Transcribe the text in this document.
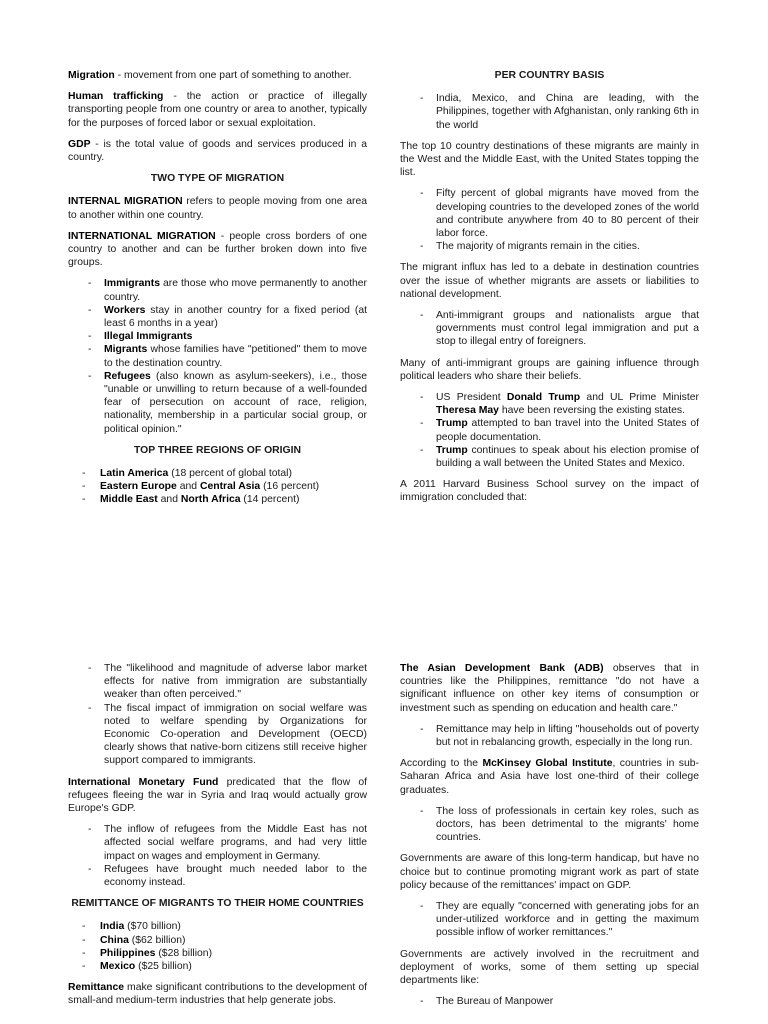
Migration - movement from one part of something to another.

Human trafficking - the action or practice of illegally transporting people from one country or area to another, typically for the purposes of forced labor or sexual exploitation.

GDP - is the total value of goods and services produced in a country.

TWO TYPE OF MIGRATION

INTERNAL MIGRATION refers to people moving from one area to another within one country.

INTERNATIONAL MIGRATION - people cross borders of one country to another and can be further broken down into five groups.

- Immigrants are those who move permanently to another country.
- Workers stay in another country for a fixed period (at least 6 months in a year)
- Illegal Immigrants
- Migrants whose families have "petitioned" them to move to the destination country.
- Refugees (also known as asylum-seekers), i.e., those "unable or unwilling to return because of a well-founded fear of persecution on account of race, religion, nationality, membership in a particular social group, or political opinion."
TOP THREE REGIONS OF ORIGIN
- Latin America (18 percent of global total)
- Eastern Europe and Central Asia (16 percent)
- Middle East and North Africa (14 percent)
PER COUNTRY BASIS
- India, Mexico, and China are leading, with the Philippines, together with Afghanistan, only ranking 6th in the world

The top 10 country destinations of these migrants are mainly in the West and the Middle East, with the United States topping the list.

- Fifty percent of global migrants have moved from the developing countries to the developed zones of the world and contribute anywhere from 40 to 80 percent of their labor force.
- The majority of migrants remain in the cities.

The migrant influx has led to a debate in destination countries over the issue of whether migrants are assets or liabilities to national development.

- Anti-immigrant groups and nationalists argue that governments must control legal immigration and put a stop to illegal entry of foreigners.

Many of anti-immigrant groups are gaining influence through political leaders who share their beliefs.

- US President Donald Trump and UL Prime Minister Theresa May have been reversing the existing states.
- Trump attempted to ban travel into the United States of people documentation.
- Trump continues to speak about his election promise of building a wall between the United States and Mexico.

A 2011 Harvard Business School survey on the impact of immigration concluded that:

- The "likelihood and magnitude of adverse labor market effects for native from immigration are substantially weaker than often perceived."
- The fiscal impact of immigration on social welfare was noted to welfare spending by Organizations for Economic Co-operation and Development (OECD) clearly shows that native-born citizens still receive higher support compared to immigrants.

International Monetary Fund predicated that the flow of refugees fleeing the war in Syria and Iraq would actually grow Europe's GDP.

- The inflow of refugees from the Middle East has not affected social welfare programs, and had very little impact on wages and employment in Germany.
- Refugees have brought much needed labor to the economy instead.
REMITTANCE OF MIGRANTS TO THEIR HOME COUNTRIES
- India ($70 billion)
- China ($62 billion)
- Philippines ($28 billion)
- Mexico ($25 billion)

Remittance make significant contributions to the development of small-and medium-term industries that help generate jobs.

The Asian Development Bank (ADB) observes that in countries like the Philippines, remittance "do not have a significant influence on other key items of consumption or investment such as spending on education and health care."

- Remittance may help in lifting "households out of poverty but not in rebalancing growth, especially in the long run.

According to the McKinsey Global Institute, countries in sub-Saharan Africa and Asia have lost one-third of their college graduates.

- The loss of professionals in certain key roles, such as doctors, has been detrimental to the migrants' home countries.

Governments are aware of this long-term handicap, but have no choice but to continue promoting migrant work as part of state policy because of the remittances' impact on GDP.

- They are equally "concerned with generating jobs for an under-utilized workforce and in getting the maximum possible inflow of worker remittances."

Governments are actively involved in the recruitment and deployment of works, some of them setting up special departments like:

- The Bureau of Manpower
